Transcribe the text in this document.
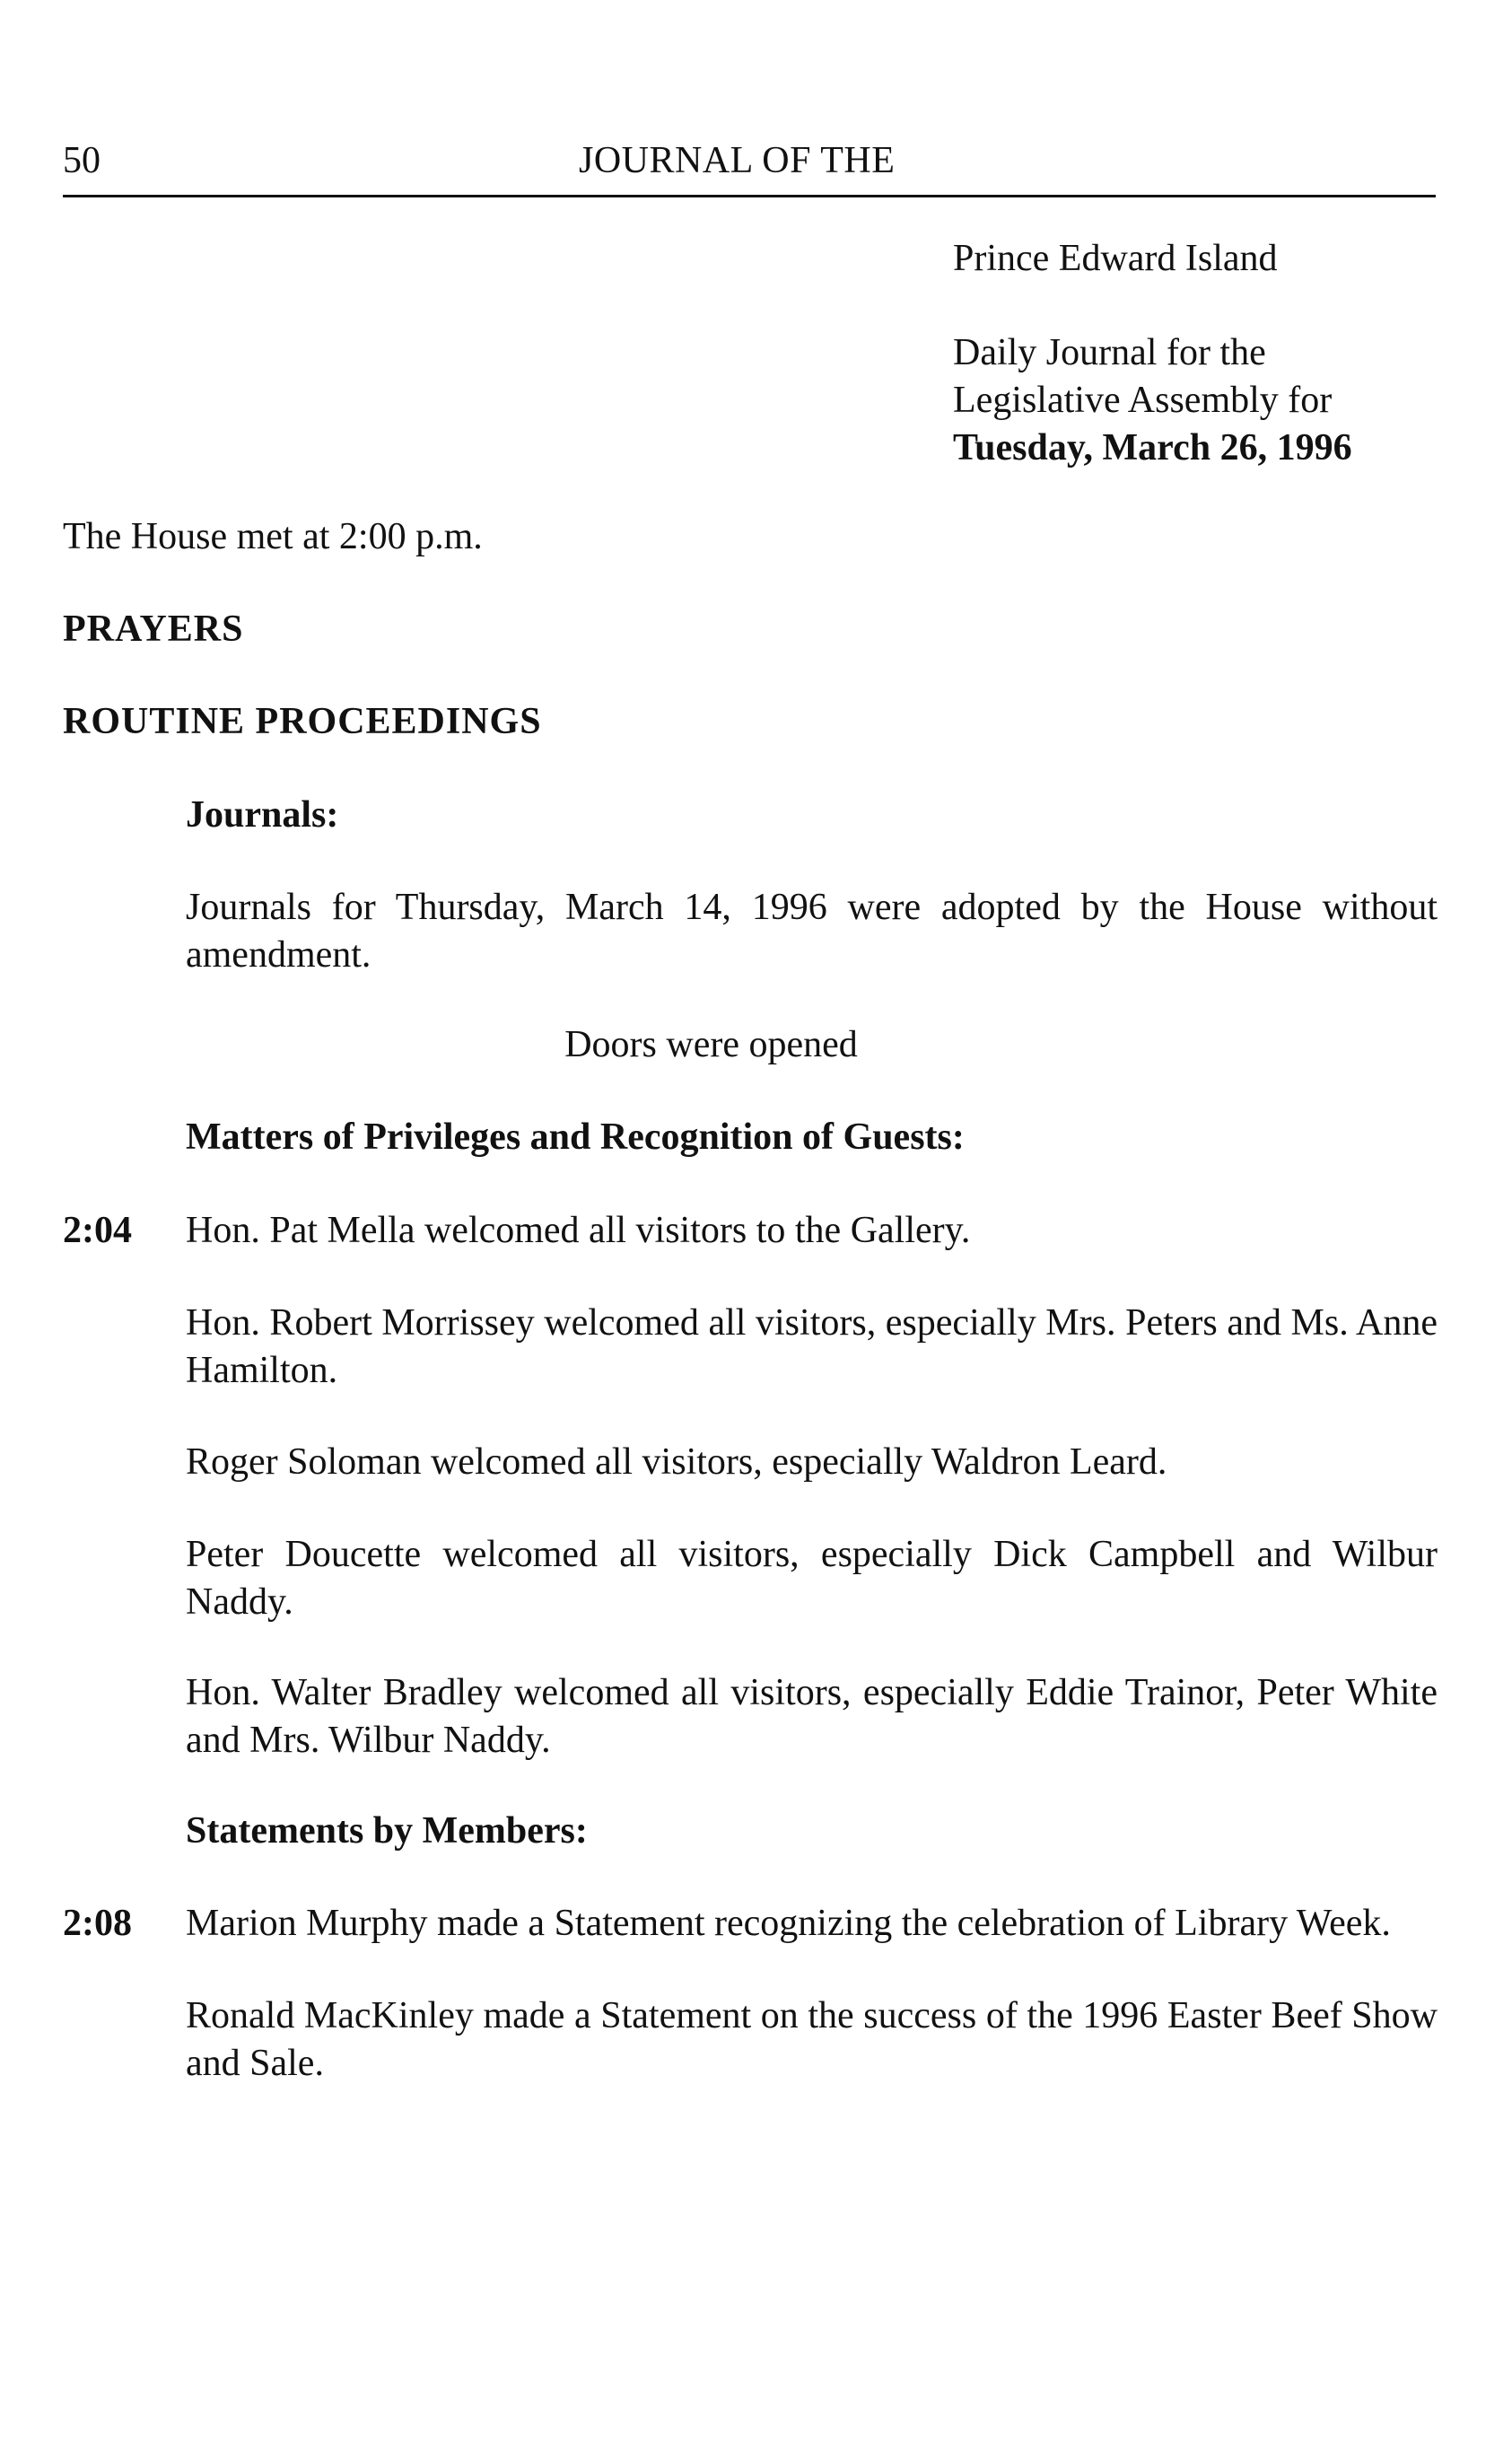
50	JOURNAL OF THE
Prince Edward Island
Daily Journal for the
Legislative Assembly for
Tuesday, March 26, 1996
The House met at 2:00 p.m.
PRAYERS
ROUTINE PROCEEDINGS
Journals:
Journals for Thursday, March 14, 1996 were adopted by the House without amendment.
Doors were opened
Matters of Privileges and Recognition of Guests:
2:04 Hon. Pat Mella welcomed all visitors to the Gallery.
Hon. Robert Morrissey welcomed all visitors, especially Mrs. Peters and Ms. Anne Hamilton.
Roger Soloman welcomed all visitors, especially Waldron Leard.
Peter Doucette welcomed all visitors, especially Dick Campbell and Wilbur Naddy.
Hon. Walter Bradley welcomed all visitors, especially Eddie Trainor, Peter White and Mrs. Wilbur Naddy.
Statements by Members:
2:08 Marion Murphy made a Statement recognizing the celebration of Library Week.
Ronald MacKinley made a Statement on the success of the 1996 Easter Beef Show and Sale.
